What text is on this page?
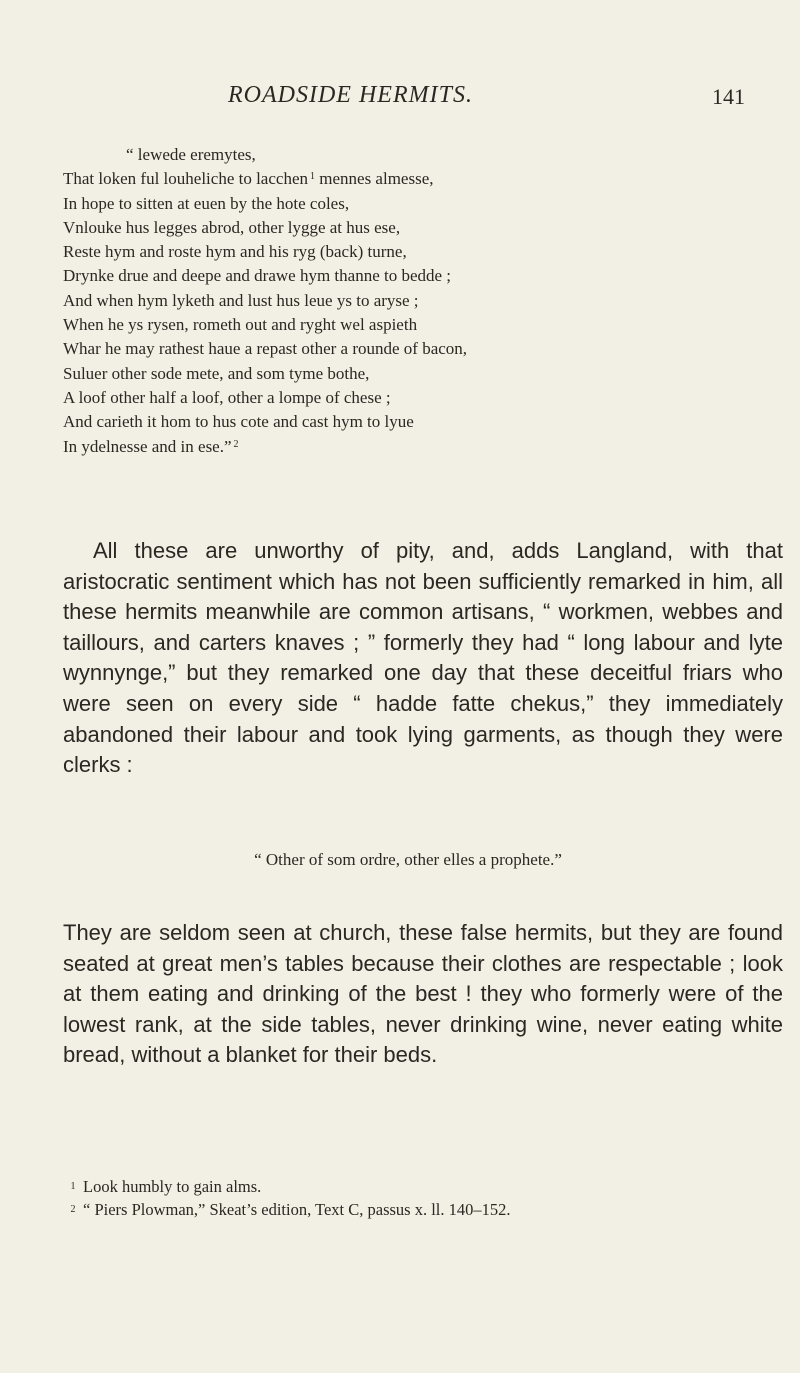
ROADSIDE HERMITS.	141
“ lewede eremytes,
That loken ful louheliche to lacchen $^1$ mennes almesse,
In hope to sitten at euen by the hote coles,
Vnlouke hus legges abrod, other lygge at hus ese,
Reste hym and roste hym and his ryg (back) turne,
Drynke drue and deepe and drawe hym thanne to bedde ;
And when hym lyketh and lust hus leue ys to aryse ;
When he ys rysen, rometh out and ryght wel aspieth
Whar he may rathest haue a repast other a rounde of bacon,
Suluer other sode mete, and som tyme bothe,
A loof other half a loof, other a lompe of chese ;
And carieth it hom to hus cote and cast hym to lyue
In ydelnesse and in ese.” $^2$

All these are unworthy of pity, and, adds Langland, with that aristocratic sentiment which has not been sufficiently remarked in him, all these hermits meanwhile are common artisans, “ workmen, webbes and taillours, and carters knaves ; ” formerly they had “ long labour and lyte wynnynge,” but they remarked one day that these deceitful friars who were seen on every side “ hadde fatte chekus,” they immediately abandoned their labour and took lying garments, as though they were clerks :

“ Other of som ordre, other elles a prophete.”

They are seldom seen at church, these false hermits, but they are found seated at great men’s tables because their clothes are respectable ; look at them eating and drinking of the best ! they who formerly were of the lowest rank, at the side tables, never drinking wine, never eating white bread, without a blanket for their beds.

1 Look humbly to gain alms.
2 “ Piers Plowman,” Skeat’s edition, Text C, passus x. ll. 140–152.
